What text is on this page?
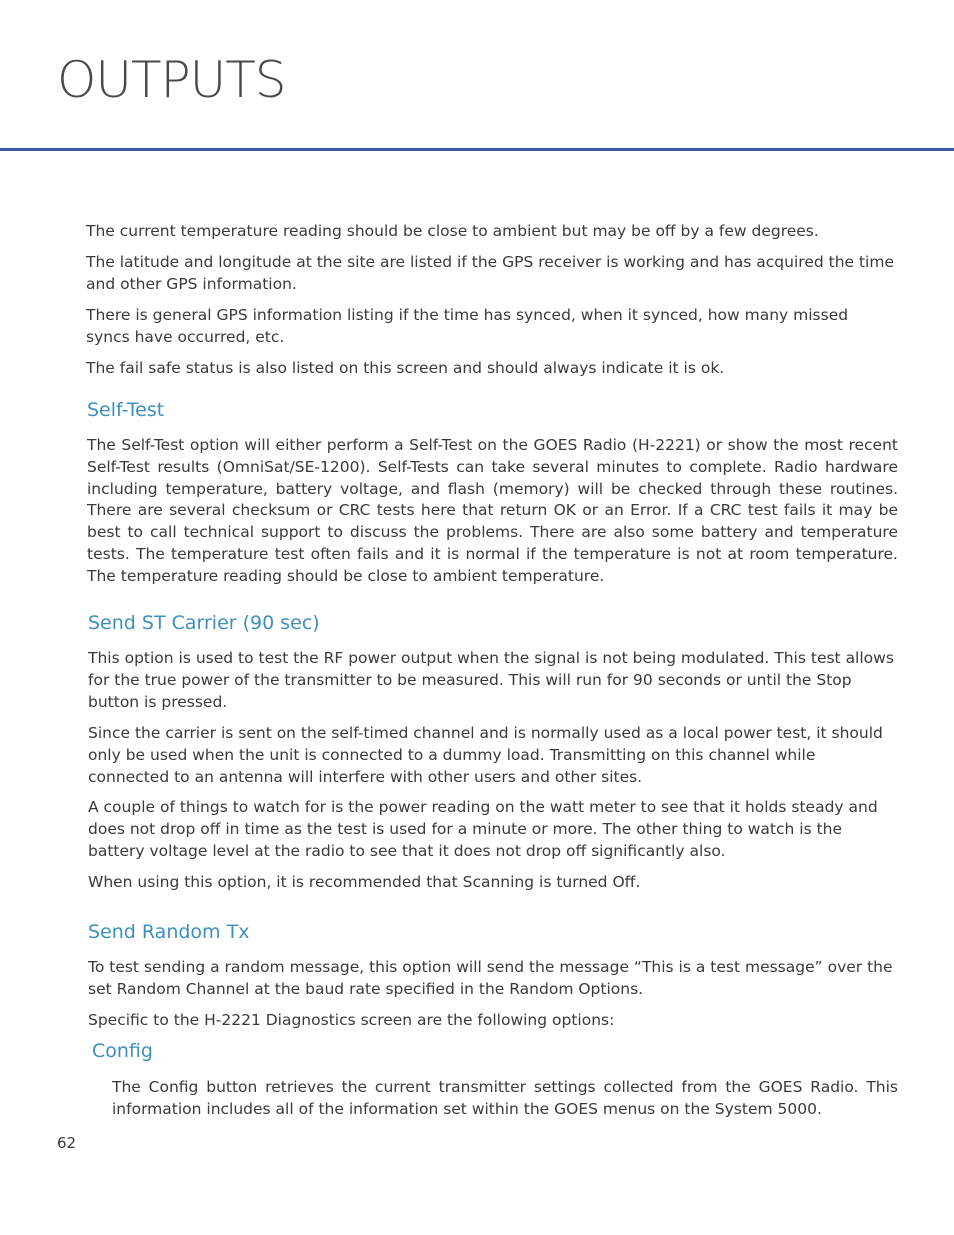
OUTPUTS

The current temperature reading should be close to ambient but may be off by a few degrees.

The latitude and longitude at the site are listed if the GPS receiver is working and has acquired the time and other GPS information.

There is general GPS information listing if the time has synced, when it synced, how many missed syncs have occurred, etc.

The fail safe status is also listed on this screen and should always indicate it is ok.

Self-Test

The Self-Test option will either perform a Self-Test on the GOES Radio (H-2221) or show the most recent Self-Test results (OmniSat/SE-1200). Self-Tests can take several minutes to complete. Radio hardware including temperature, battery voltage, and flash (memory) will be checked through these routines. There are several checksum or CRC tests here that return OK or an Error. If a CRC test fails it may be best to call technical support to discuss the problems. There are also some battery and temperature tests. The temperature test often fails and it is normal if the temperature is not at room temperature. The temperature reading should be close to ambient temperature.

Send ST Carrier (90 sec)

This option is used to test the RF power output when the signal is not being modulated. This test allows for the true power of the transmitter to be measured. This will run for 90 seconds or until the Stop button is pressed.

Since the carrier is sent on the self-timed channel and is normally used as a local power test, it should only be used when the unit is connected to a dummy load. Transmitting on this channel while connected to an antenna will interfere with other users and other sites.

A couple of things to watch for is the power reading on the watt meter to see that it holds steady and does not drop off in time as the test is used for a minute or more. The other thing to watch is the battery voltage level at the radio to see that it does not drop off significantly also.

When using this option, it is recommended that Scanning is turned Off.

Send Random Tx

To test sending a random message, this option will send the message “This is a test message” over the set Random Channel at the baud rate specified in the Random Options.

Specific to the H-2221 Diagnostics screen are the following options:

Config

The Config button retrieves the current transmitter settings collected from the GOES Radio. This information includes all of the information set within the GOES menus on the System 5000.

62
